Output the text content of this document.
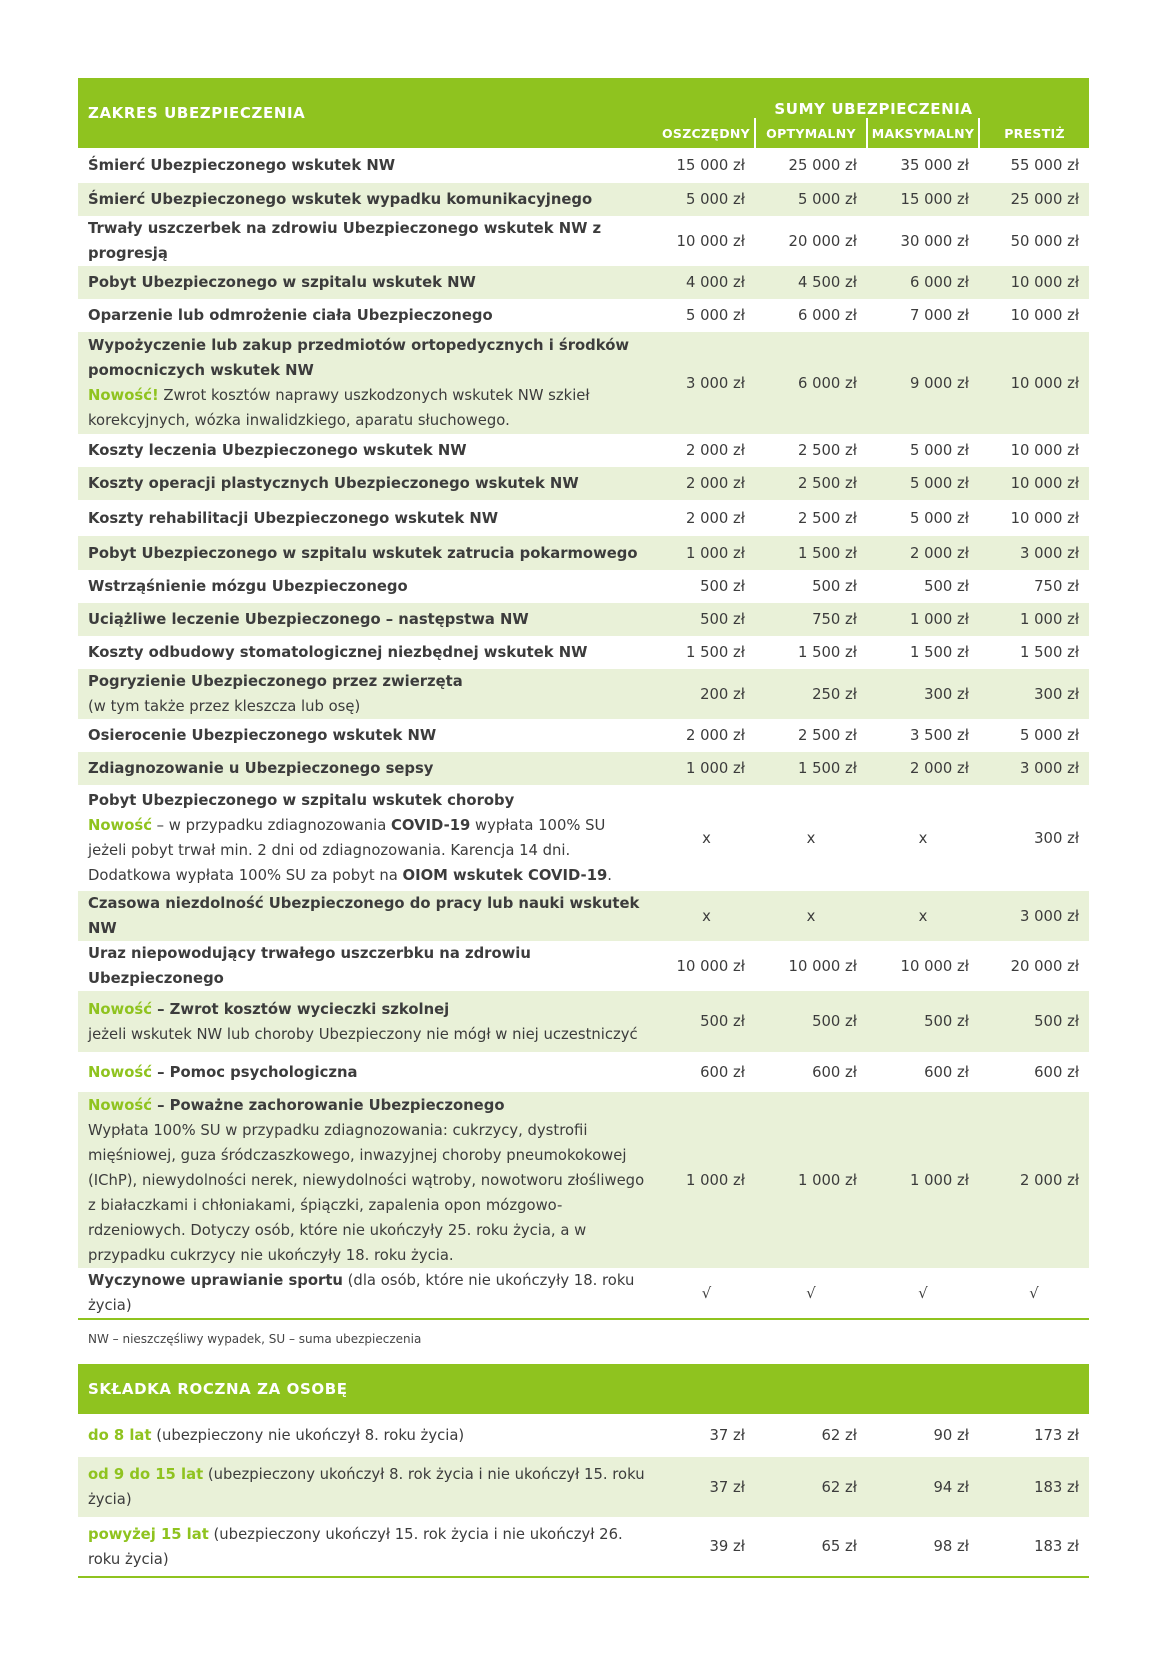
ZAKRES UBEZPIECZENIA	SUMY UBEZPIECZENIA			
	OSZCZĘDNY	OPTYMALNY	MAKSYMALNY	PRESTIŻ
Śmierć Ubezpieczonego wskutek NW	15 000 zł	25 000 zł	35 000 zł	55 000 zł
Śmierć Ubezpieczonego wskutek wypadku komunikacyjnego	5 000 zł	5 000 zł	15 000 zł	25 000 zł
Trwały uszczerbek na zdrowiu Ubezpieczonego wskutek NW z progresją	10 000 zł	20 000 zł	30 000 zł	50 000 zł
Pobyt Ubezpieczonego w szpitalu wskutek NW	4 000 zł	4 500 zł	6 000 zł	10 000 zł
Oparzenie lub odmrożenie ciała Ubezpieczonego	5 000 zł	6 000 zł	7 000 zł	10 000 zł
Wypożyczenie lub zakup przedmiotów ortopedycznych i środków pomocniczych wskutek NW
Nowość! Zwrot kosztów naprawy uszkodzonych wskutek NW szkieł korekcyjnych, wózka inwalidzkiego, aparatu słuchowego.	3 000 zł	6 000 zł	9 000 zł	10 000 zł
Koszty leczenia Ubezpieczonego wskutek NW	2 000 zł	2 500 zł	5 000 zł	10 000 zł
Koszty operacji plastycznych Ubezpieczonego wskutek NW	2 000 zł	2 500 zł	5 000 zł	10 000 zł
Koszty rehabilitacji Ubezpieczonego wskutek NW	2 000 zł	2 500 zł	5 000 zł	10 000 zł
Pobyt Ubezpieczonego w szpitalu wskutek zatrucia pokarmowego	1 000 zł	1 500 zł	2 000 zł	3 000 zł
Wstrząśnienie mózgu Ubezpieczonego	500 zł	500 zł	500 zł	750 zł
Uciążliwe leczenie Ubezpieczonego – następstwa NW	500 zł	750 zł	1 000 zł	1 000 zł
Koszty odbudowy stomatologicznej niezbędnej wskutek NW	1 500 zł	1 500 zł	1 500 zł	1 500 zł
Pogryzienie Ubezpieczonego przez zwierzęta
(w tym także przez kleszcza lub osę)	200 zł	250 zł	300 zł	300 zł
Osierocenie Ubezpieczonego wskutek NW	2 000 zł	2 500 zł	3 500 zł	5 000 zł
Zdiagnozowanie u Ubezpieczonego sepsy	1 000 zł	1 500 zł	2 000 zł	3 000 zł
Pobyt Ubezpieczonego w szpitalu wskutek choroby
Nowość – w przypadku zdiagnozowania COVID-19 wypłata 100% SU jeżeli pobyt trwał min. 2 dni od zdiagnozowania. Karencja 14 dni. Dodatkowa wypłata 100% SU za pobyt na OIOM wskutek COVID-19.	x	x	x	300 zł
Czasowa niezdolność Ubezpieczonego do pracy lub nauki wskutek NW	x	x	x	3 000 zł
Uraz niepowodujący trwałego uszczerbku na zdrowiu Ubezpieczonego	10 000 zł	10 000 zł	10 000 zł	20 000 zł
Nowość – Zwrot kosztów wycieczki szkolnej
jeżeli wskutek NW lub choroby Ubezpieczony nie mógł w niej uczestniczyć	500 zł	500 zł	500 zł	500 zł
Nowość – Pomoc psychologiczna	600 zł	600 zł	600 zł	600 zł
Nowość – Poważne zachorowanie Ubezpieczonego
Wypłata 100% SU w przypadku zdiagnozowania: cukrzycy, dystrofii mięśniowej, guza śródczaszkowego, inwazyjnej choroby pneumokokowej (IChP), niewydolności nerek, niewydolności wątroby, nowotworu złośliwego z białaczkami i chłoniakami, śpiączki, zapalenia opon mózgowo-rdzeniowych. Dotyczy osób, które nie ukończyły 25. roku życia, a w przypadku cukrzycy nie ukończyły 18. roku życia.	1 000 zł	1 000 zł	1 000 zł	2 000 zł
Wyczynowe uprawianie sportu (dla osób, które nie ukończyły 18. roku życia)	√	√	√	√
NW – nieszczęśliwy wypadek, SU – suma ubezpieczenia
SKŁADKA ROCZNA ZA OSOBĘ
do 8 lat (ubezpieczony nie ukończył 8. roku życia)	37 zł	62 zł	90 zł	173 zł
od 9 do 15 lat (ubezpieczony ukończył 8. rok życia i nie ukończył 15. roku życia)	37 zł	62 zł	94 zł	183 zł
powyżej 15 lat (ubezpieczony ukończył 15. rok życia i nie ukończył 26. roku życia)	39 zł	65 zł	98 zł	183 zł
